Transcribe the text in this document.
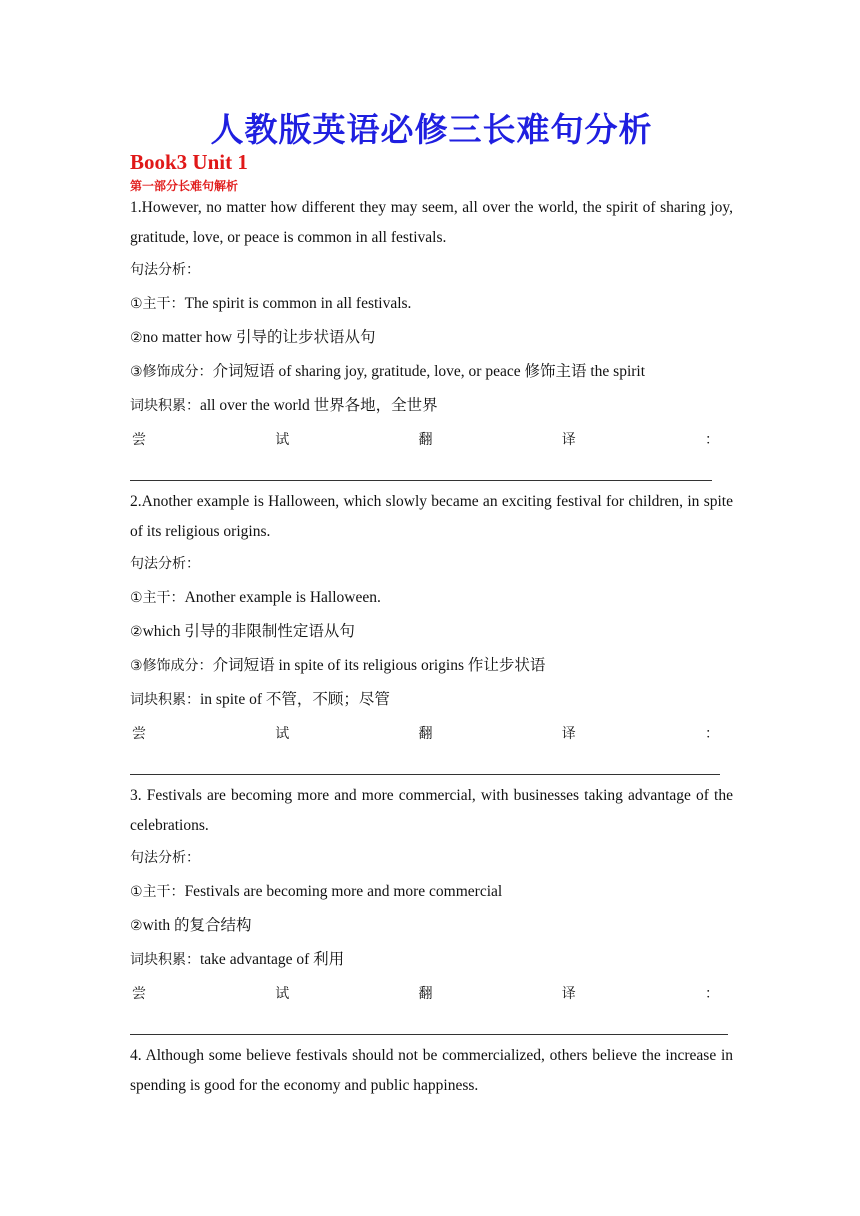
人教版英语必修三长难句分析
Book3 Unit 1
第一部分长难句解析

1.However, no matter how different they may seem, all over the world, the spirit of sharing joy, gratitude, love, or peace is common in all festivals.

句法分析：

①主干：The spirit is common in all festivals.

②no matter how 引导的让步状语从句

③修饰成分：介词短语 of sharing joy, gratitude, love, or peace 修饰主语 the spirit

词块积累：all over the world 世界各地，全世界

尝	试	翻	译	：

2.Another example is Halloween, which slowly became an exciting festival for children, in spite of its religious origins.

句法分析：

①主干：Another example is Halloween.

②which 引导的非限制性定语从句

③修饰成分：介词短语 in spite of its religious origins 作让步状语

词块积累：in spite of 不管，不顾；尽管

尝	试	翻	译	：

3. Festivals are becoming more and more commercial, with businesses taking advantage of the celebrations.

句法分析：

①主干：Festivals are becoming more and more commercial

②with 的复合结构

词块积累：take advantage of 利用

尝	试	翻	译	：

4. Although some believe festivals should not be commercialized, others believe the increase in spending is good for the economy and public happiness.
